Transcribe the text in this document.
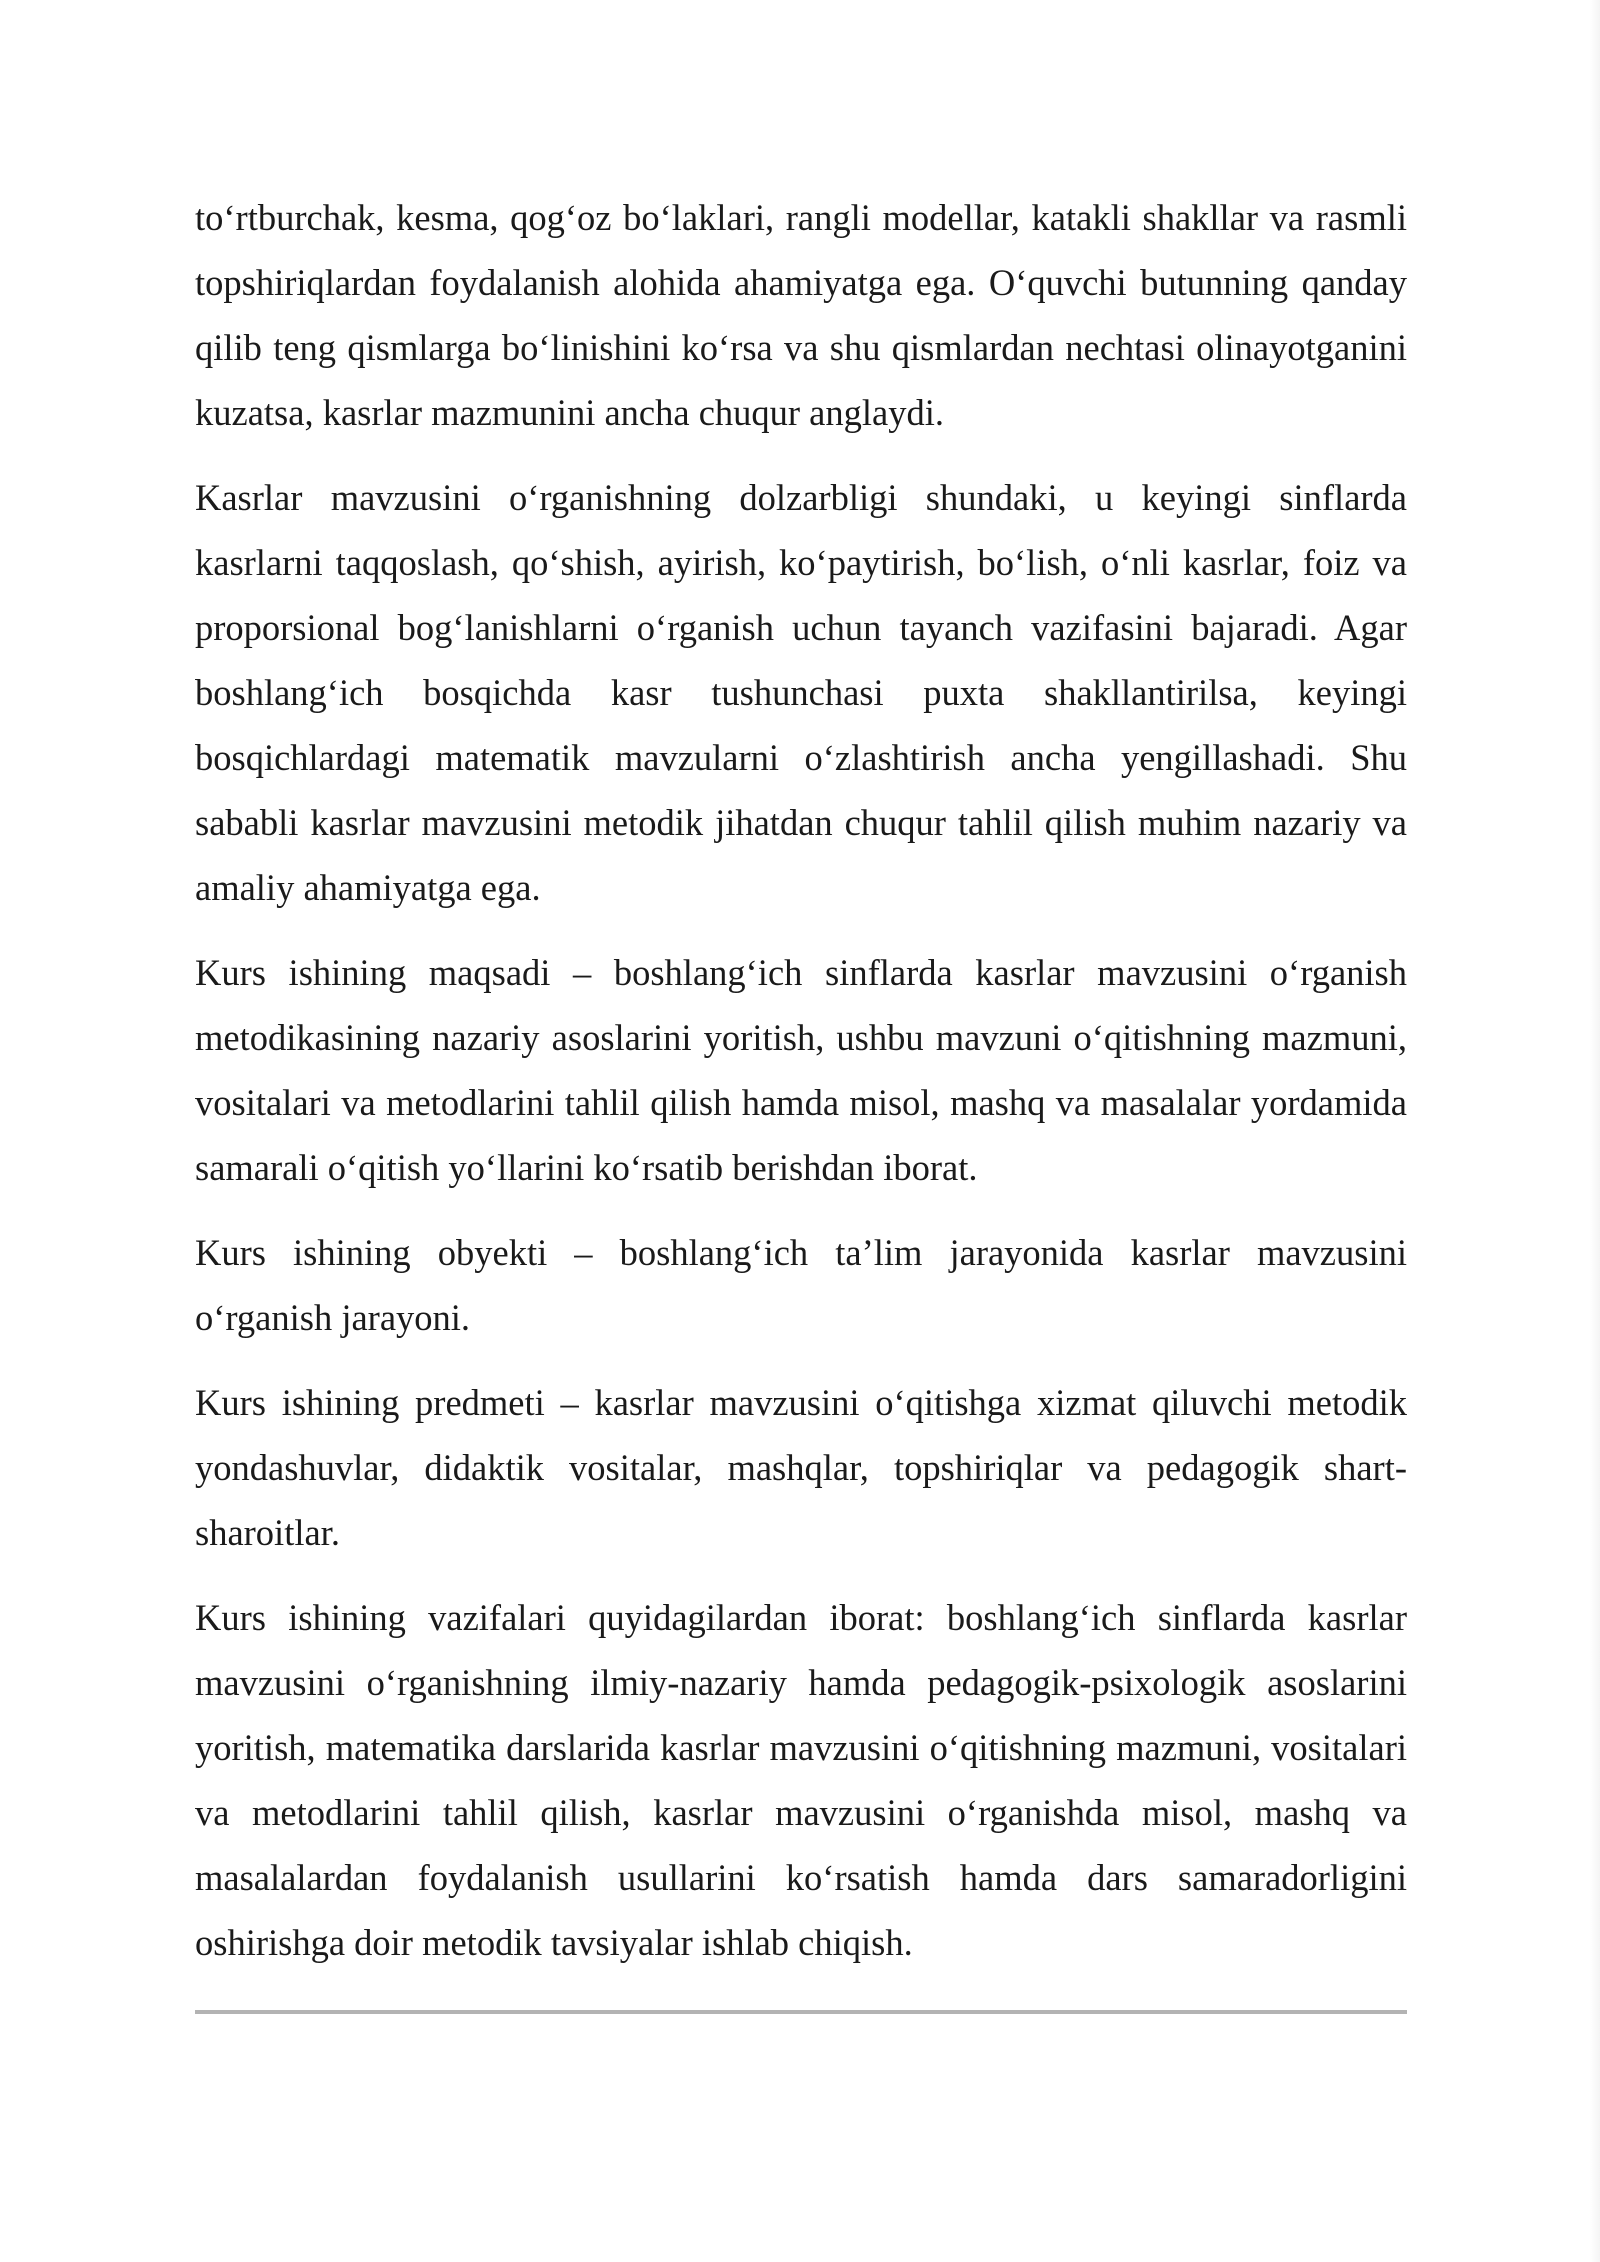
to‘rtburchak, kesma, qog‘oz bo‘laklari, rangli modellar, katakli shakllar va rasmli topshiriqlardan foydalanish alohida ahamiyatga ega. O‘quvchi butunning qanday qilib teng qismlarga bo‘linishini ko‘rsa va shu qismlardan nechtasi olinayotganini kuzatsa, kasrlar mazmunini ancha chuqur anglaydi.

Kasrlar mavzusini o‘rganishning dolzarbligi shundaki, u keyingi sinflarda kasrlarni taqqoslash, qo‘shish, ayirish, ko‘paytirish, bo‘lish, o‘nli kasrlar, foiz va proporsional bog‘lanishlarni o‘rganish uchun tayanch vazifasini bajaradi. Agar boshlang‘ich bosqichda kasr tushunchasi puxta shakllantirilsa, keyingi bosqichlardagi matematik mavzularni o‘zlashtirish ancha yengillashadi. Shu sababli kasrlar mavzusini metodik jihatdan chuqur tahlil qilish muhim nazariy va amaliy ahamiyatga ega.

Kurs ishining maqsadi – boshlang‘ich sinflarda kasrlar mavzusini o‘rganish metodikasining nazariy asoslarini yoritish, ushbu mavzuni o‘qitishning mazmuni, vositalari va metodlarini tahlil qilish hamda misol, mashq va masalalar yordamida samarali o‘qitish yo‘llarini ko‘rsatib berishdan iborat.

Kurs ishining obyekti – boshlang‘ich ta’lim jarayonida kasrlar mavzusini o‘rganish jarayoni.

Kurs ishining predmeti – kasrlar mavzusini o‘qitishga xizmat qiluvchi metodik yondashuvlar, didaktik vositalar, mashqlar, topshiriqlar va pedagogik shart-sharoitlar.

Kurs ishining vazifalari quyidagilardan iborat: boshlang‘ich sinflarda kasrlar mavzusini o‘rganishning ilmiy-nazariy hamda pedagogik-psixologik asoslarini yoritish, matematika darslarida kasrlar mavzusini o‘qitishning mazmuni, vositalari va metodlarini tahlil qilish, kasrlar mavzusini o‘rganishda misol, mashq va masalalardan foydalanish usullarini ko‘rsatish hamda dars samaradorligini oshirishga doir metodik tavsiyalar ishlab chiqish.
